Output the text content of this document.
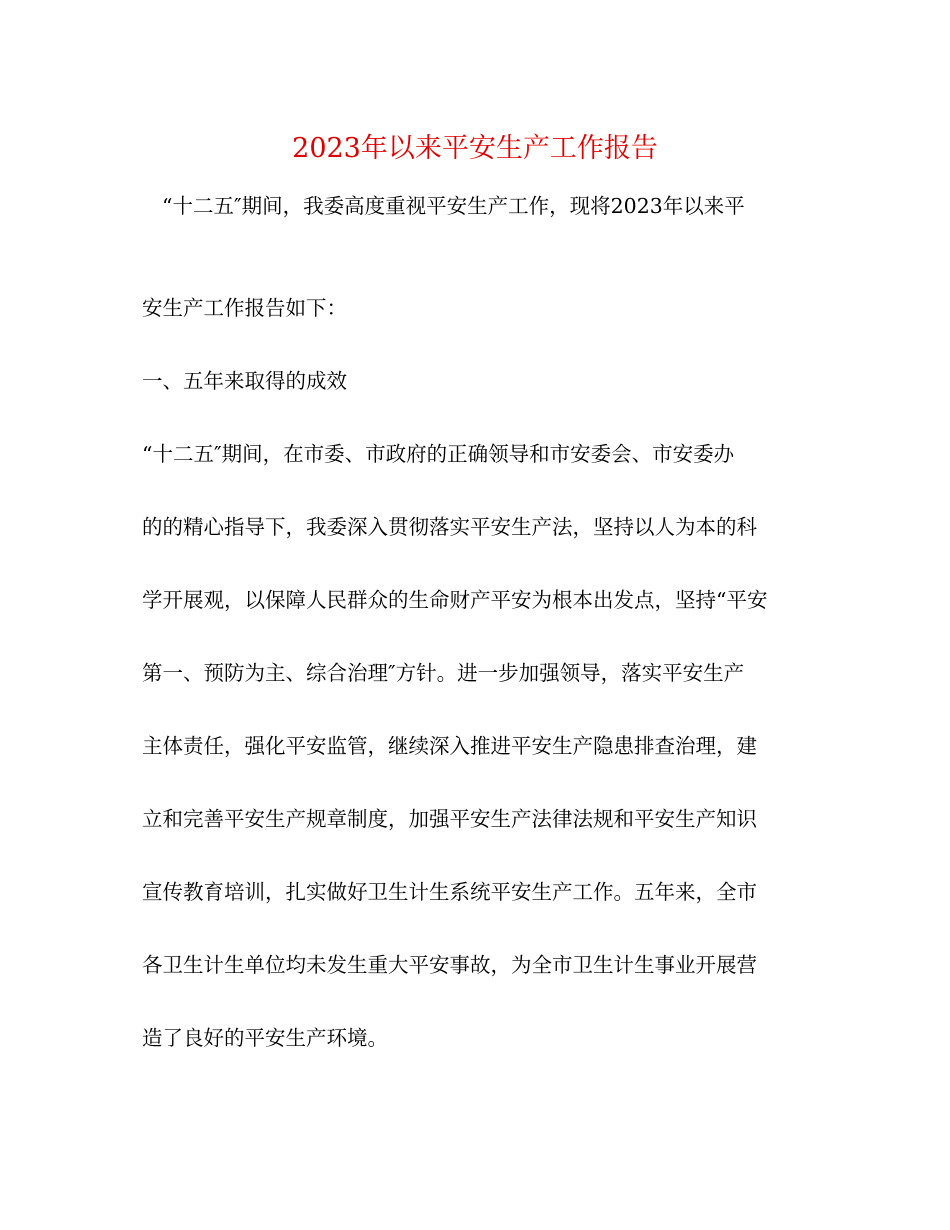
2023年以来平安生产工作报告
“十二五″期间，我委高度重视平安生产工作，现将2023年以来平
安生产工作报告如下：
一、五年来取得的成效
“十二五″期间，在市委、市政府的正确领导和市安委会、市安委办
的的精心指导下，我委深入贯彻落实平安生产法，坚持以人为本的科
学开展观，以保障人民群众的生命财产平安为根本出发点，坚持“平安
第一、预防为主、综合治理″方针。进一步加强领导，落实平安生产
主体责任，强化平安监管，继续深入推进平安生产隐患排查治理，建
立和完善平安生产规章制度，加强平安生产法律法规和平安生产知识
宣传教育培训，扎实做好卫生计生系统平安生产工作。五年来，全市
各卫生计生单位均未发生重大平安事故，为全市卫生计生事业开展营
造了良好的平安生产环境。
